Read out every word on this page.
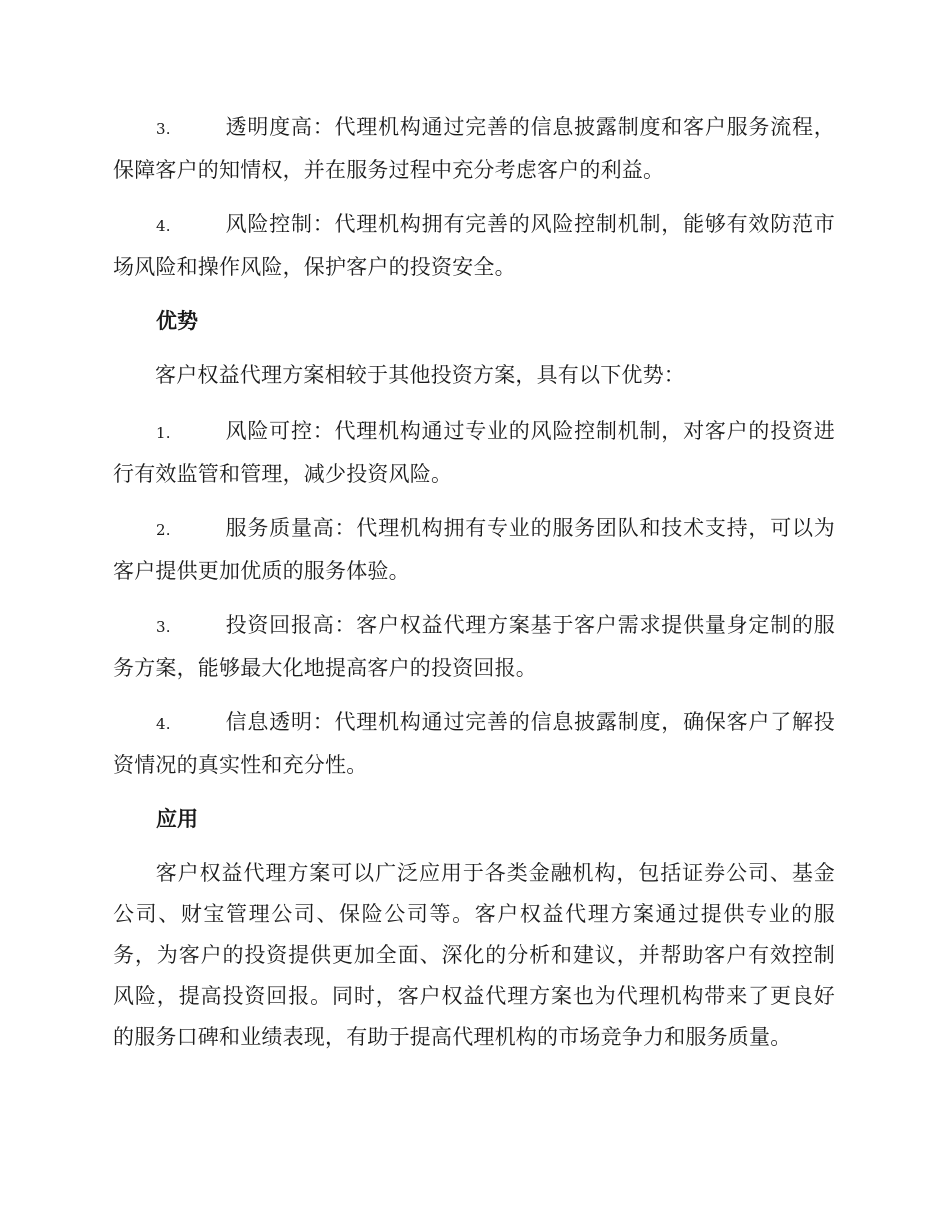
3.	透明度高：代理机构通过完善的信息披露制度和客户服务流程，
保障客户的知情权，并在服务过程中充分考虑客户的利益。
4.	风险控制：代理机构拥有完善的风险控制机制，能够有效防范市
场风险和操作风险，保护客户的投资安全。
优势
客户权益代理方案相较于其他投资方案，具有以下优势：
1.	风险可控：代理机构通过专业的风险控制机制，对客户的投资进
行有效监管和管理，减少投资风险。
2.	服务质量高：代理机构拥有专业的服务团队和技术支持，可以为
客户提供更加优质的服务体验。
3.	投资回报高：客户权益代理方案基于客户需求提供量身定制的服
务方案，能够最大化地提高客户的投资回报。
4.	信息透明：代理机构通过完善的信息披露制度，确保客户了解投
资情况的真实性和充分性。
应用
客户权益代理方案可以广泛应用于各类金融机构，包括证券公司、基金
公司、财宝管理公司、保险公司等。客户权益代理方案通过提供专业的服
务，为客户的投资提供更加全面、深化的分析和建议，并帮助客户有效控制
风险，提高投资回报。同时，客户权益代理方案也为代理机构带来了更良好
的服务口碑和业绩表现，有助于提高代理机构的市场竞争力和服务质量。
